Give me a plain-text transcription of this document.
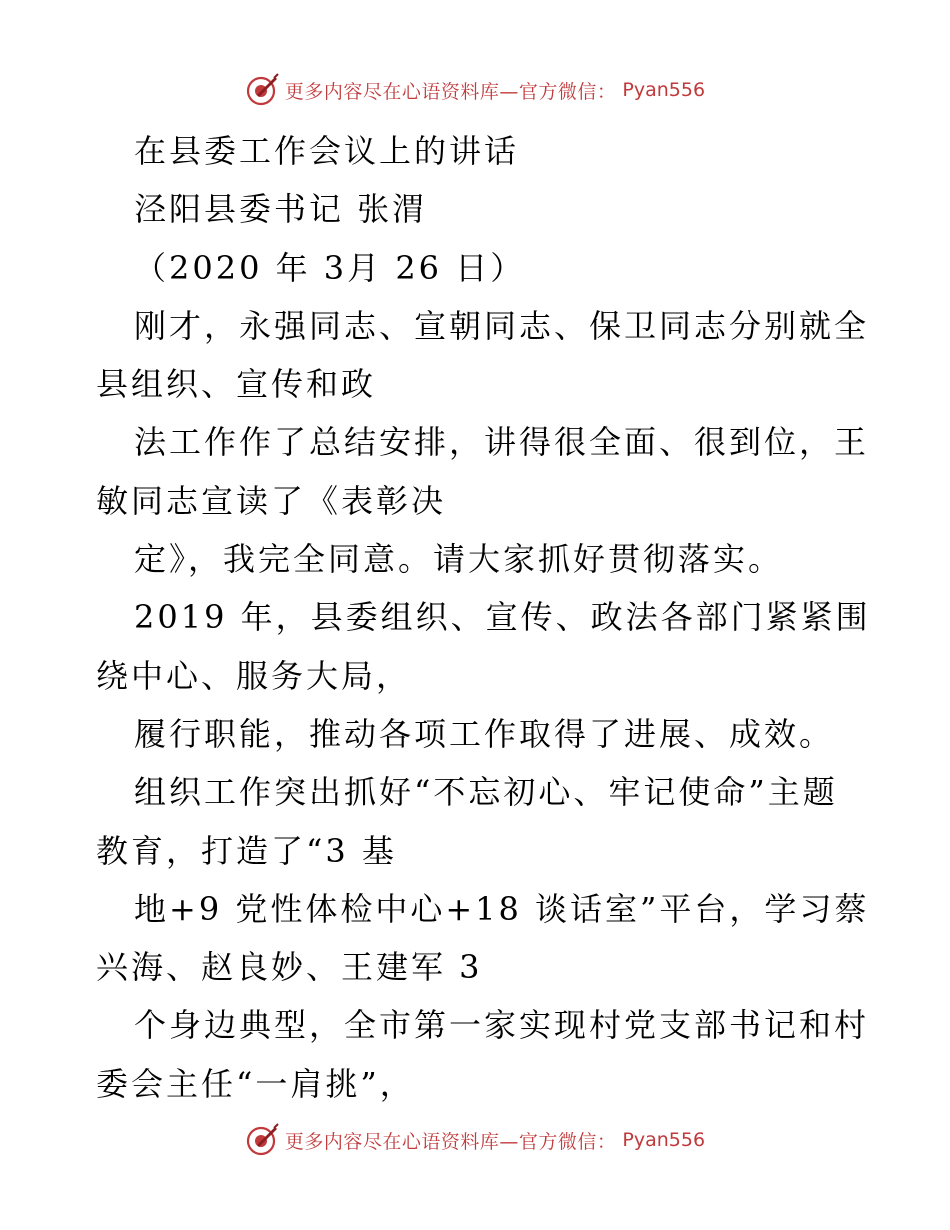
更多内容尽在心语资料库—官方微信： Pyan556
在县委工作会议上的讲话
泾阳县委书记 张渭
（2020 年 3月 26 日）
刚才，永强同志、宣朝同志、保卫同志分别就全
县组织、宣传和政
法工作作了总结安排，讲得很全面、很到位，王
敏同志宣读了《表彰决
定》，我完全同意。请大家抓好贯彻落实。
2019 年，县委组织、宣传、政法各部门紧紧围
绕中心、服务大局，
履行职能，推动各项工作取得了进展、成效。
组织工作突出抓好“不忘初心、牢记使命”主题
教育，打造了“3 基
地+9 党性体检中心+18 谈话室”平台，学习蔡
兴海、赵良妙、王建军 3
个身边典型，全市第一家实现村党支部书记和村
委会主任“一肩挑”，
更多内容尽在心语资料库—官方微信： Pyan556
